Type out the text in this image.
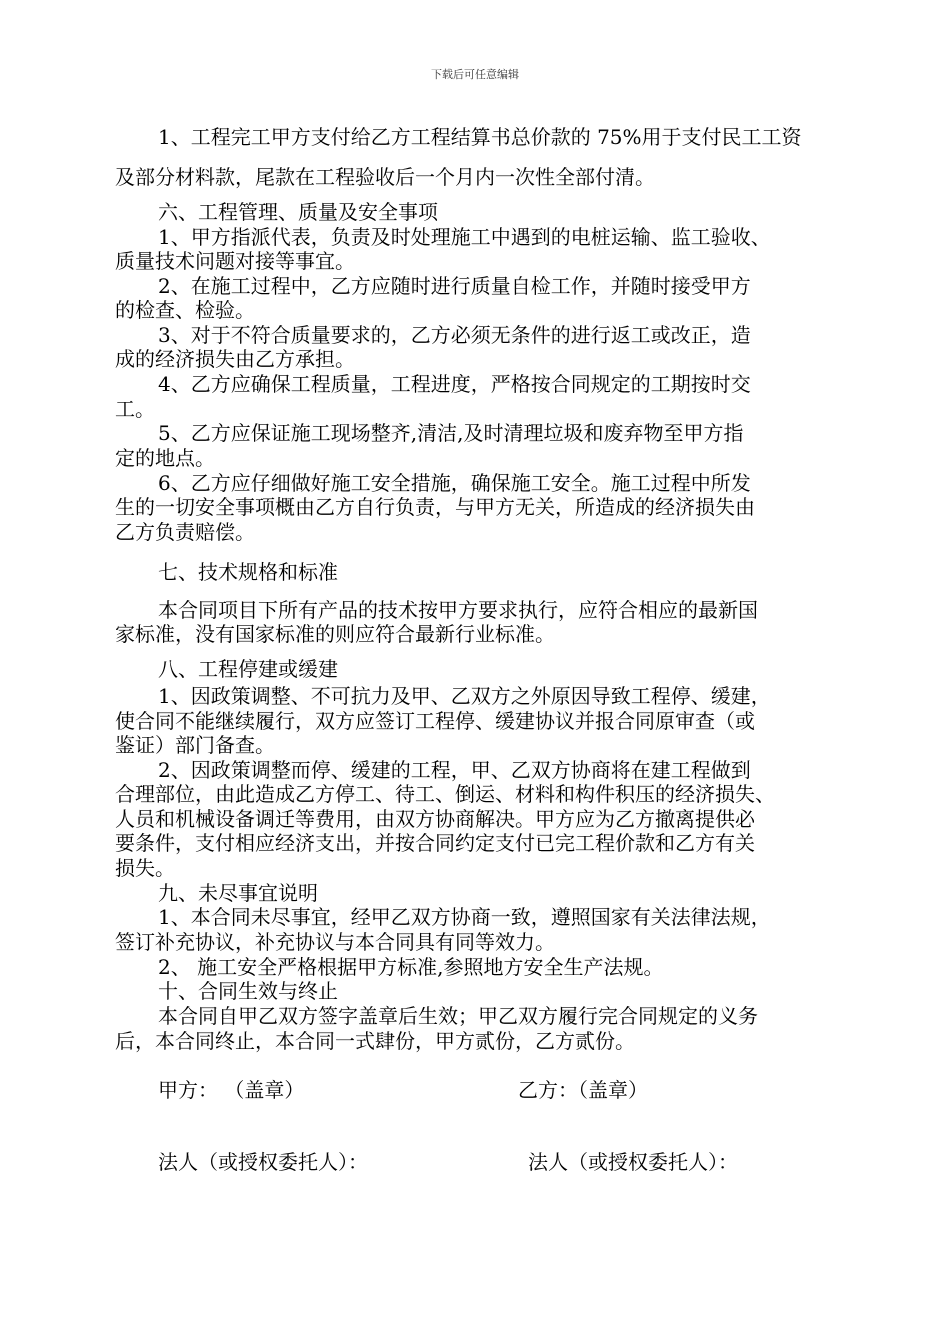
下载后可任意编辑
1、工程完工甲方支付给乙方工程结算书总价款的 75%用于支付民工工资
及部分材料款，尾款在工程验收后一个月内一次性全部付清。
六、工程管理、质量及安全事项
1、甲方指派代表，负责及时处理施工中遇到的电桩运输、监工验收、
质量技术问题对接等事宜。
2、在施工过程中，乙方应随时进行质量自检工作，并随时接受甲方
的检查、检验。
3、对于不符合质量要求的，乙方必须无条件的进行返工或改正，造
成的经济损失由乙方承担。
4、乙方应确保工程质量，工程进度，严格按合同规定的工期按时交
工。
5、乙方应保证施工现场整齐,清洁,及时清理垃圾和废弃物至甲方指
定的地点。
6、乙方应仔细做好施工安全措施，确保施工安全。施工过程中所发
生的一切安全事项概由乙方自行负责，与甲方无关，所造成的经济损失由
乙方负责赔偿。
七、技术规格和标准
本合同项目下所有产品的技术按甲方要求执行，应符合相应的最新国
家标准，没有国家标准的则应符合最新行业标准。
八、工程停建或缓建
1、因政策调整、不可抗力及甲、乙双方之外原因导致工程停、缓建，
使合同不能继续履行，双方应签订工程停、缓建协议并报合同原审查（或
鉴证）部门备查。
2、因政策调整而停、缓建的工程，甲、乙双方协商将在建工程做到
合理部位，由此造成乙方停工、待工、倒运、材料和构件积压的经济损失、
人员和机械设备调迁等费用，由双方协商解决。甲方应为乙方撤离提供必
要条件，支付相应经济支出，并按合同约定支付已完工程价款和乙方有关
损失。
九、未尽事宜说明
1、本合同未尽事宜，经甲乙双方协商一致，遵照国家有关法律法规，
签订补充协议，补充协议与本合同具有同等效力。
2、 施工安全严格根据甲方标准,参照地方安全生产法规。
十、合同生效与终止
本合同自甲乙双方签字盖章后生效；甲乙双方履行完合同规定的义务
后，本合同终止，本合同一式肆份，甲方贰份，乙方贰份。
甲方： （盖章）	乙方：（盖章）
法人（或授权委托人）：	法人（或授权委托人）：
